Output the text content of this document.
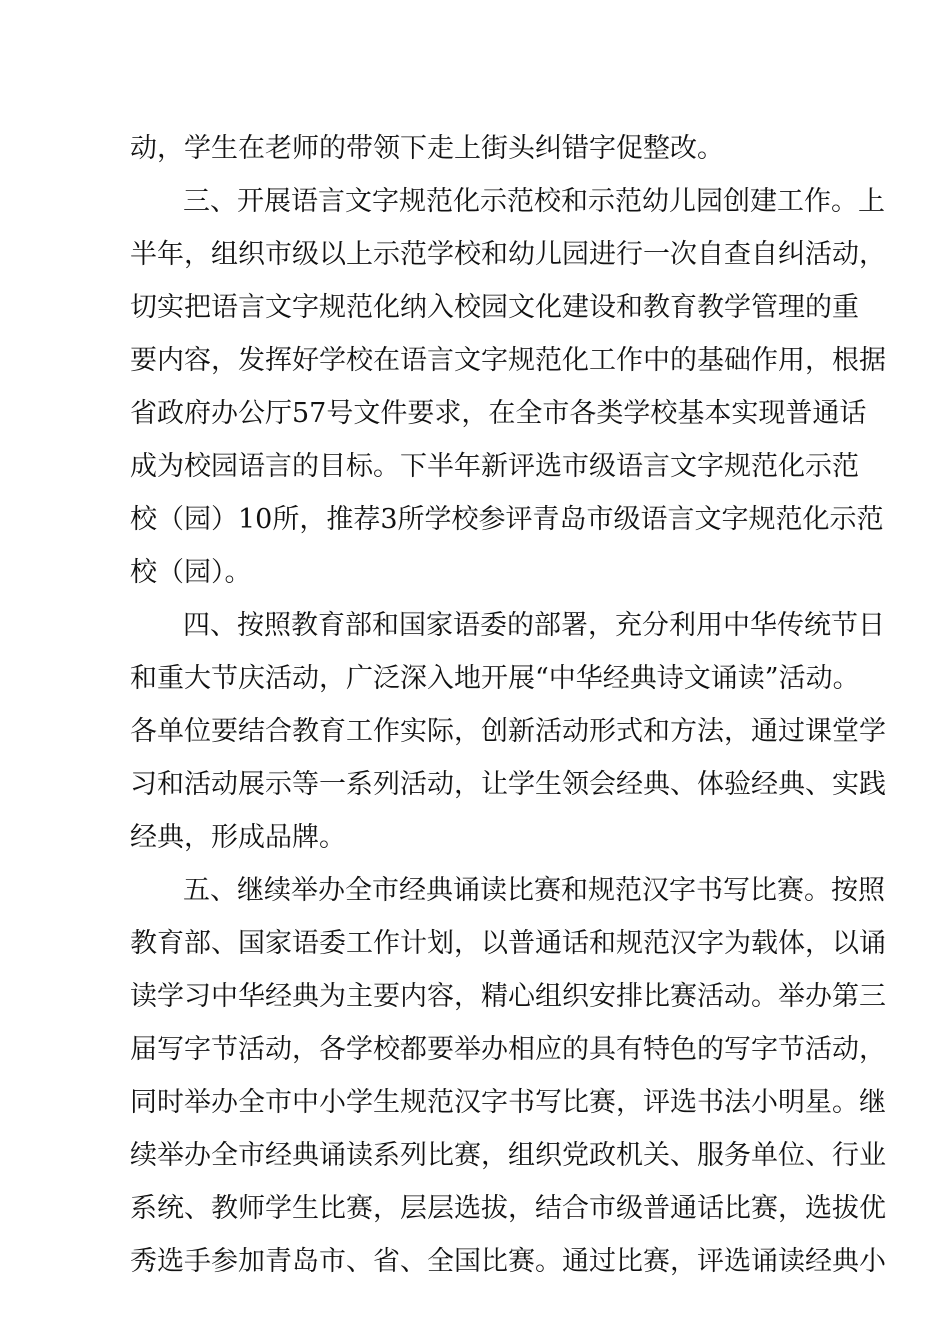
动，学生在老师的带领下走上街头纠错字促整改。
三、开展语言文字规范化示范校和示范幼儿园创建工作。上
半年，组织市级以上示范学校和幼儿园进行一次自查自纠活动，
切实把语言文字规范化纳入校园文化建设和教育教学管理的重
要内容，发挥好学校在语言文字规范化工作中的基础作用，根据
省政府办公厅57号文件要求，在全市各类学校基本实现普通话
成为校园语言的目标。下半年新评选市级语言文字规范化示范
校（园）10所，推荐3所学校参评青岛市级语言文字规范化示范
校（园）。
四、按照教育部和国家语委的部署，充分利用中华传统节日
和重大节庆活动，广泛深入地开展“中华经典诗文诵读”活动。
各单位要结合教育工作实际，创新活动形式和方法，通过课堂学
习和活动展示等一系列活动，让学生领会经典、体验经典、实践
经典，形成品牌。
五、继续举办全市经典诵读比赛和规范汉字书写比赛。按照
教育部、国家语委工作计划，以普通话和规范汉字为载体，以诵
读学习中华经典为主要内容，精心组织安排比赛活动。举办第三
届写字节活动，各学校都要举办相应的具有特色的写字节活动，
同时举办全市中小学生规范汉字书写比赛，评选书法小明星。继
续举办全市经典诵读系列比赛，组织党政机关、服务单位、行业
系统、教师学生比赛，层层选拔，结合市级普通话比赛，选拔优
秀选手参加青岛市、省、全国比赛。通过比赛，评选诵读经典小
